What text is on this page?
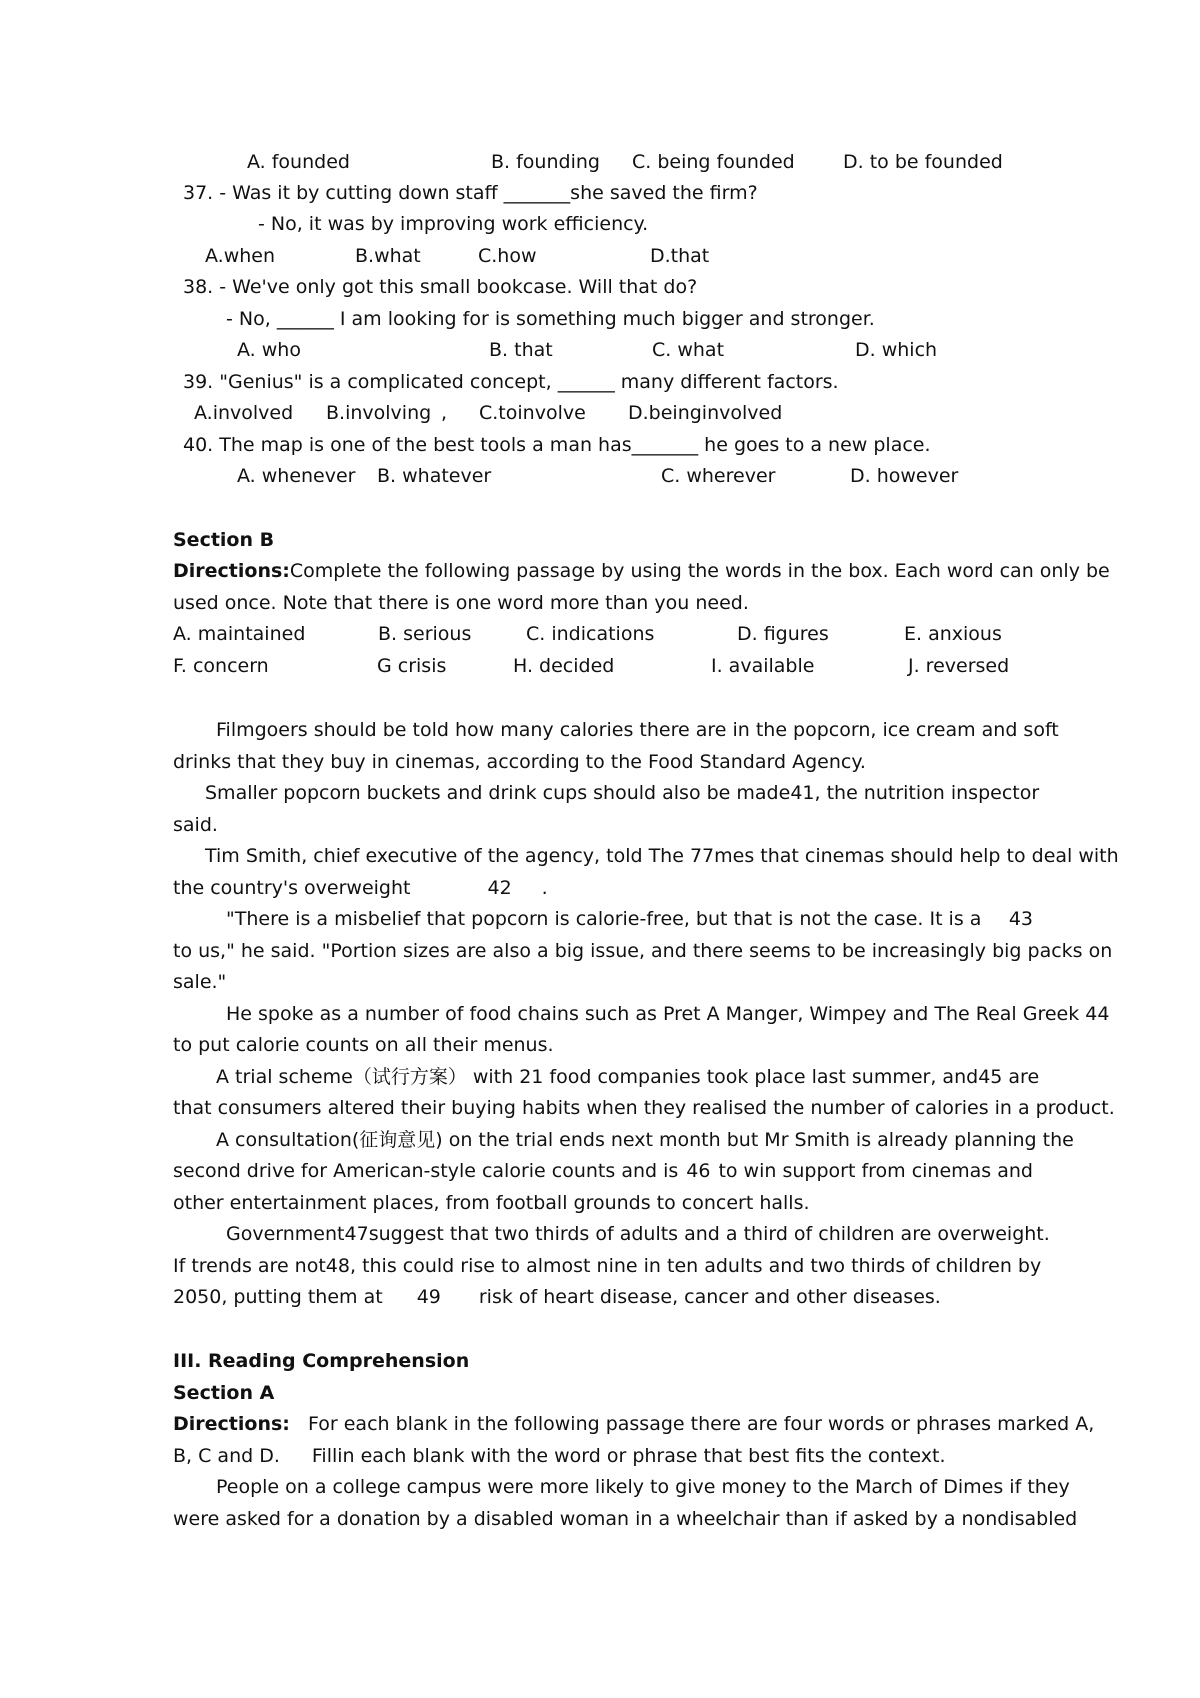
A. founded	B. founding C. being founded	D. to be founded
37. - Was it by cutting down staff _______she saved the firm?
- No, it was by improving work efficiency.
A.when	B.what	C.how	D.that
38. - We've only got this small bookcase. Will that do?
- No, ______ I am looking for is something much bigger and stronger.
A. who	B. that	C. what	D. which
39. "Genius" is a complicated concept, ______ many different factors.
A.involved B.involving , C.toinvolve D.beinginvolved
40. The map is one of the best tools a man has_______ he goes to a new place.
A. whenever B. whatever	C. wherever	D. however
Section B
Directions: Complete the following passage by using the words in the box. Each word can only be
used once. Note that there is one word more than you need.
A. maintained	B. serious	C. indications	D. figures	E. anxious
F. concern	G crisis	H. decided	I. available	J. reversed
Filmgoers should be told how many calories there are in the popcorn, ice cream and soft
drinks that they buy in cinemas, according to the Food Standard Agency.
Smaller popcorn buckets and drink cups should also be made 41 , the nutrition inspector
said.
Tim Smith, chief executive of the agency, told The 77mes that cinemas should help to deal with
the country's overweight	42 .
"There is a misbelief that popcorn is calorie-free, but that is not the case. It is a 43
to us," he said. "Portion sizes are also a big issue, and there seems to be increasingly big packs on
sale."
He spoke as a number of food chains such as Pret A Manger, Wimpey and The Real Greek 44
to put calorie counts on all their menus.
A trial scheme（试行方案） with 21 food companies took place last summer, and 45 are
that consumers altered their buying habits when they realised the number of calories in a product.
A consultation(征询意见) on the trial ends next month but Mr Smith is already planning the
second drive for American-style calorie counts and is 46 to win support from cinemas and
other entertainment places, from football grounds to concert halls.
Government 47 suggest that two thirds of adults and a third of children are overweight.
If trends are not 48 , this could rise to almost nine in ten adults and two thirds of children by
2050, putting them at 49 risk of heart disease, cancer and other diseases.
III. Reading Comprehension
Section A
Directions: For each blank in the following passage there are four words or phrases marked A,
B, C and D. Fillin each blank with the word or phrase that best fits the context.
People on a college campus were more likely to give money to the March of Dimes if they
were asked for a donation by a disabled woman in a wheelchair than if asked by a nondisabled
